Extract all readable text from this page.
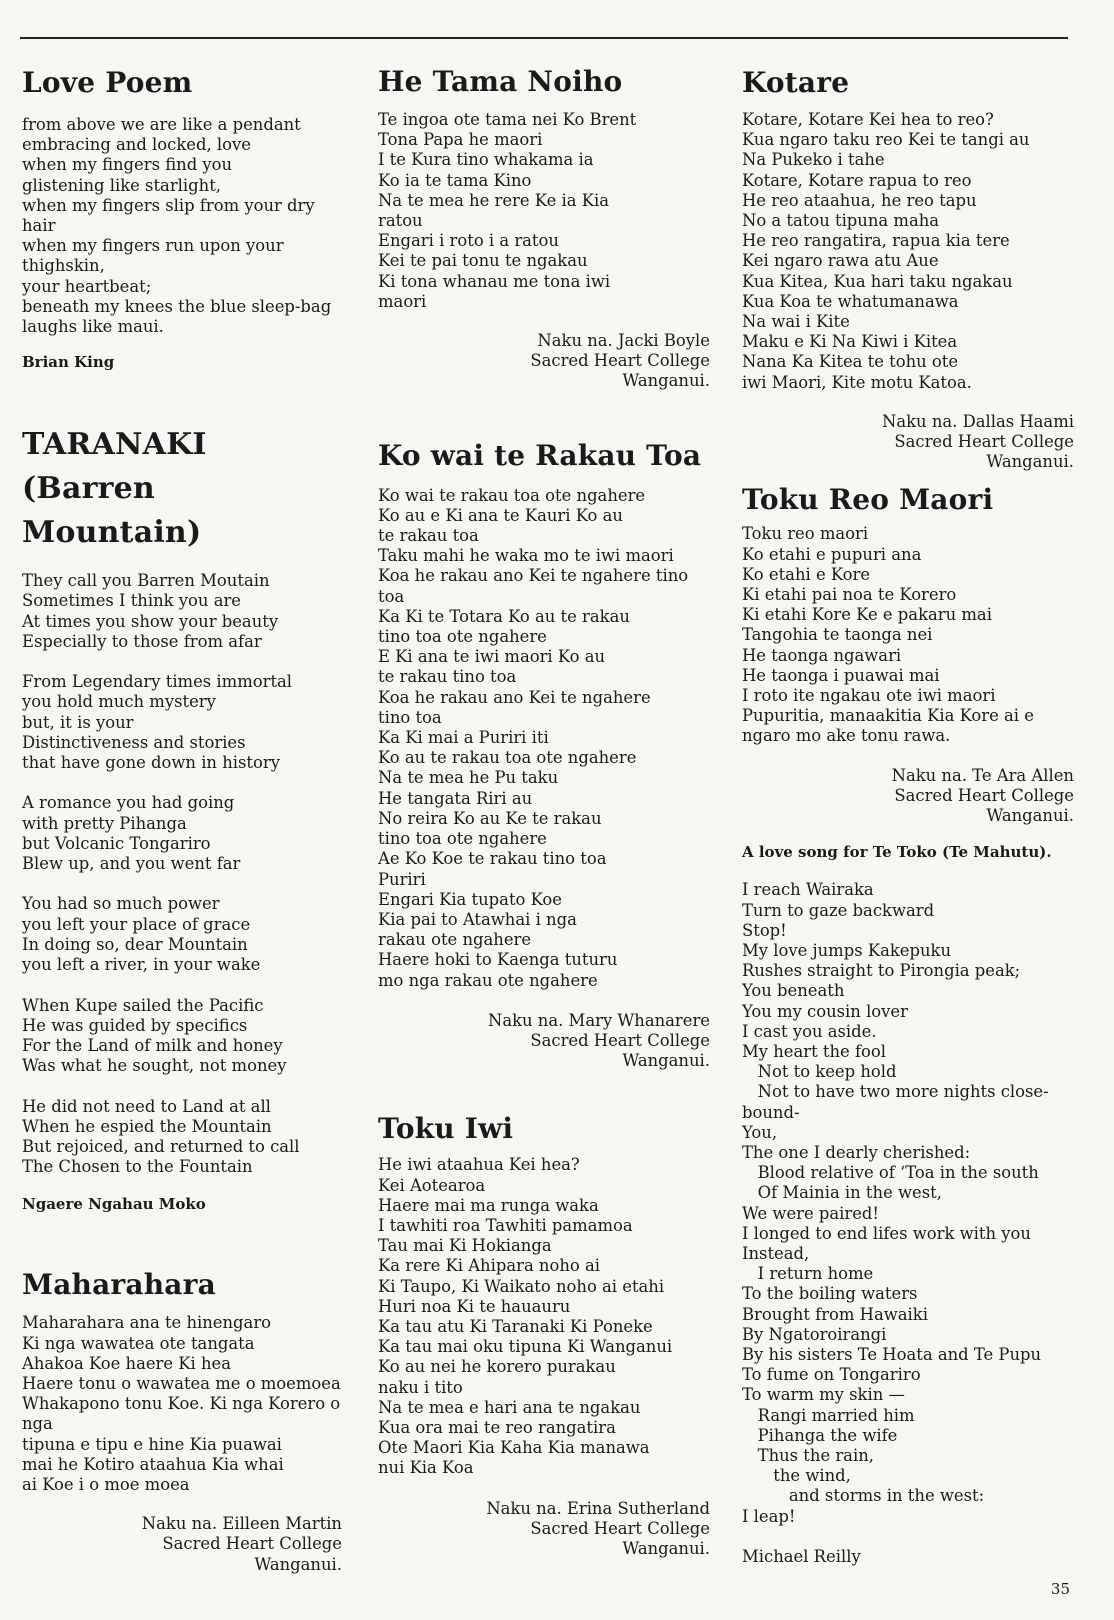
Love Poem
from above we are like a pendant
embracing and locked, love
when my fingers find you
glistening like starlight,
when my fingers slip from your dry
hair
when my fingers run upon your
thighskin,
your heartbeat;
beneath my knees the blue sleep-bag
laughs like maui.

Brian King

TARANAKI
(Barren Mountain)
They call you Barren Moutain
Sometimes I think you are
At times you show your beauty
Especially to those from afar

From Legendary times immortal
you hold much mystery
but, it is your
Distinctiveness and stories
that have gone down in history

A romance you had going
with pretty Pihanga
but Volcanic Tongariro
Blew up, and you went far

You had so much power
you left your place of grace
In doing so, dear Mountain
you left a river, in your wake

When Kupe sailed the Pacific
He was guided by specifics
For the Land of milk and honey
Was what he sought, not money

He did not need to Land at all
When he espied the Mountain
But rejoiced, and returned to call
The Chosen to the Fountain

Ngaere Ngahau Moko

Maharahara
Maharahara ana te hinengaro
Ki nga wawatea ote tangata
Ahakoa Koe haere Ki hea
Haere tonu o wawatea me o moemoea
Whakapono tonu Koe. Ki nga Korero o
nga
tipuna e tipu e hine Kia puawai
mai he Kotiro ataahua Kia whai
ai Koe i o moe moea
Naku na. Eilleen Martin
Sacred Heart College
Wanganui.
He Tama Noiho
Te ingoa ote tama nei Ko Brent
Tona Papa he maori
I te Kura tino whakama ia
Ko ia te tama Kino
Na te mea he rere Ke ia Kia
ratou
Engari i roto i a ratou
Kei te pai tonu te ngakau
Ki tona whanau me tona iwi
maori
Naku na. Jacki Boyle
Sacred Heart College
Wanganui.
Ko wai te Rakau Toa
Ko wai te rakau toa ote ngahere
Ko au e Ki ana te Kauri Ko au
te rakau toa
Taku mahi he waka mo te iwi maori
Koa he rakau ano Kei te ngahere tino
toa
Ka Ki te Totara Ko au te rakau
tino toa ote ngahere
E Ki ana te iwi maori Ko au
te rakau tino toa
Koa he rakau ano Kei te ngahere
tino toa
Ka Ki mai a Puriri iti
Ko au te rakau toa ote ngahere
Na te mea he Pu taku
He tangata Riri au
No reira Ko au Ke te rakau
tino toa ote ngahere
Ae Ko Koe te rakau tino toa
Puriri
Engari Kia tupato Koe
Kia pai to Atawhai i nga
rakau ote ngahere
Haere hoki to Kaenga tuturu
mo nga rakau ote ngahere
Naku na. Mary Whanarere
Sacred Heart College
Wanganui.
Toku Iwi
He iwi ataahua Kei hea?
Kei Aotearoa
Haere mai ma runga waka
I tawhiti roa Tawhiti pamamoa
Tau mai Ki Hokianga
Ka rere Ki Ahipara noho ai
Ki Taupo, Ki Waikato noho ai etahi
Huri noa Ki te hauauru
Ka tau atu Ki Taranaki Ki Poneke
Ka tau mai oku tipuna Ki Wanganui
Ko au nei he korero purakau
naku i tito
Na te mea e hari ana te ngakau
Kua ora mai te reo rangatira
Ote Maori Kia Kaha Kia manawa
nui Kia Koa
Naku na. Erina Sutherland
Sacred Heart College
Wanganui.
Kotare
Kotare, Kotare Kei hea to reo?
Kua ngaro taku reo Kei te tangi au
Na Pukeko i tahe
Kotare, Kotare rapua to reo
He reo ataahua, he reo tapu
No a tatou tipuna maha
He reo rangatira, rapua kia tere
Kei ngaro rawa atu Aue
Kua Kitea, Kua hari taku ngakau
Kua Koa te whatumanawa
Na wai i Kite
Maku e Ki Na Kiwi i Kitea
Nana Ka Kitea te tohu ote
iwi Maori, Kite motu Katoa.
Naku na. Dallas Haami
Sacred Heart College
Wanganui.
Toku Reo Maori
Toku reo maori
Ko etahi e pupuri ana
Ko etahi e Kore
Ki etahi pai noa te Korero
Ki etahi Kore Ke e pakaru mai
Tangohia te taonga nei
He taonga ngawari
He taonga i puawai mai
I roto ite ngakau ote iwi maori
Pupuritia, manaakitia Kia Kore ai e
ngaro mo ake tonu rawa.
Naku na. Te Ara Allen
Sacred Heart College
Wanganui.

A love song for Te Toko (Te Mahutu).

I reach Wairaka
Turn to gaze backward
Stop!
My love jumps Kakepuku
Rushes straight to Pirongia peak;
You beneath
You my cousin lover
I cast you aside.
My heart the fool
Not to keep hold
Not to have two more nights close-
bound-
You,
The one I dearly cherished:
Blood relative of ‘Toa in the south
Of Mainia in the west,
We were paired!
I longed to end lifes work with you
Instead,
I return home
To the boiling waters
Brought from Hawaiki
By Ngatoroirangi
By his sisters Te Hoata and Te Pupu
To fume on Tongariro
To warm my skin —
Rangi married him
Pihanga the wife
Thus the rain,
the wind,
and storms in the west:
I leap!
Michael Reilly
35
